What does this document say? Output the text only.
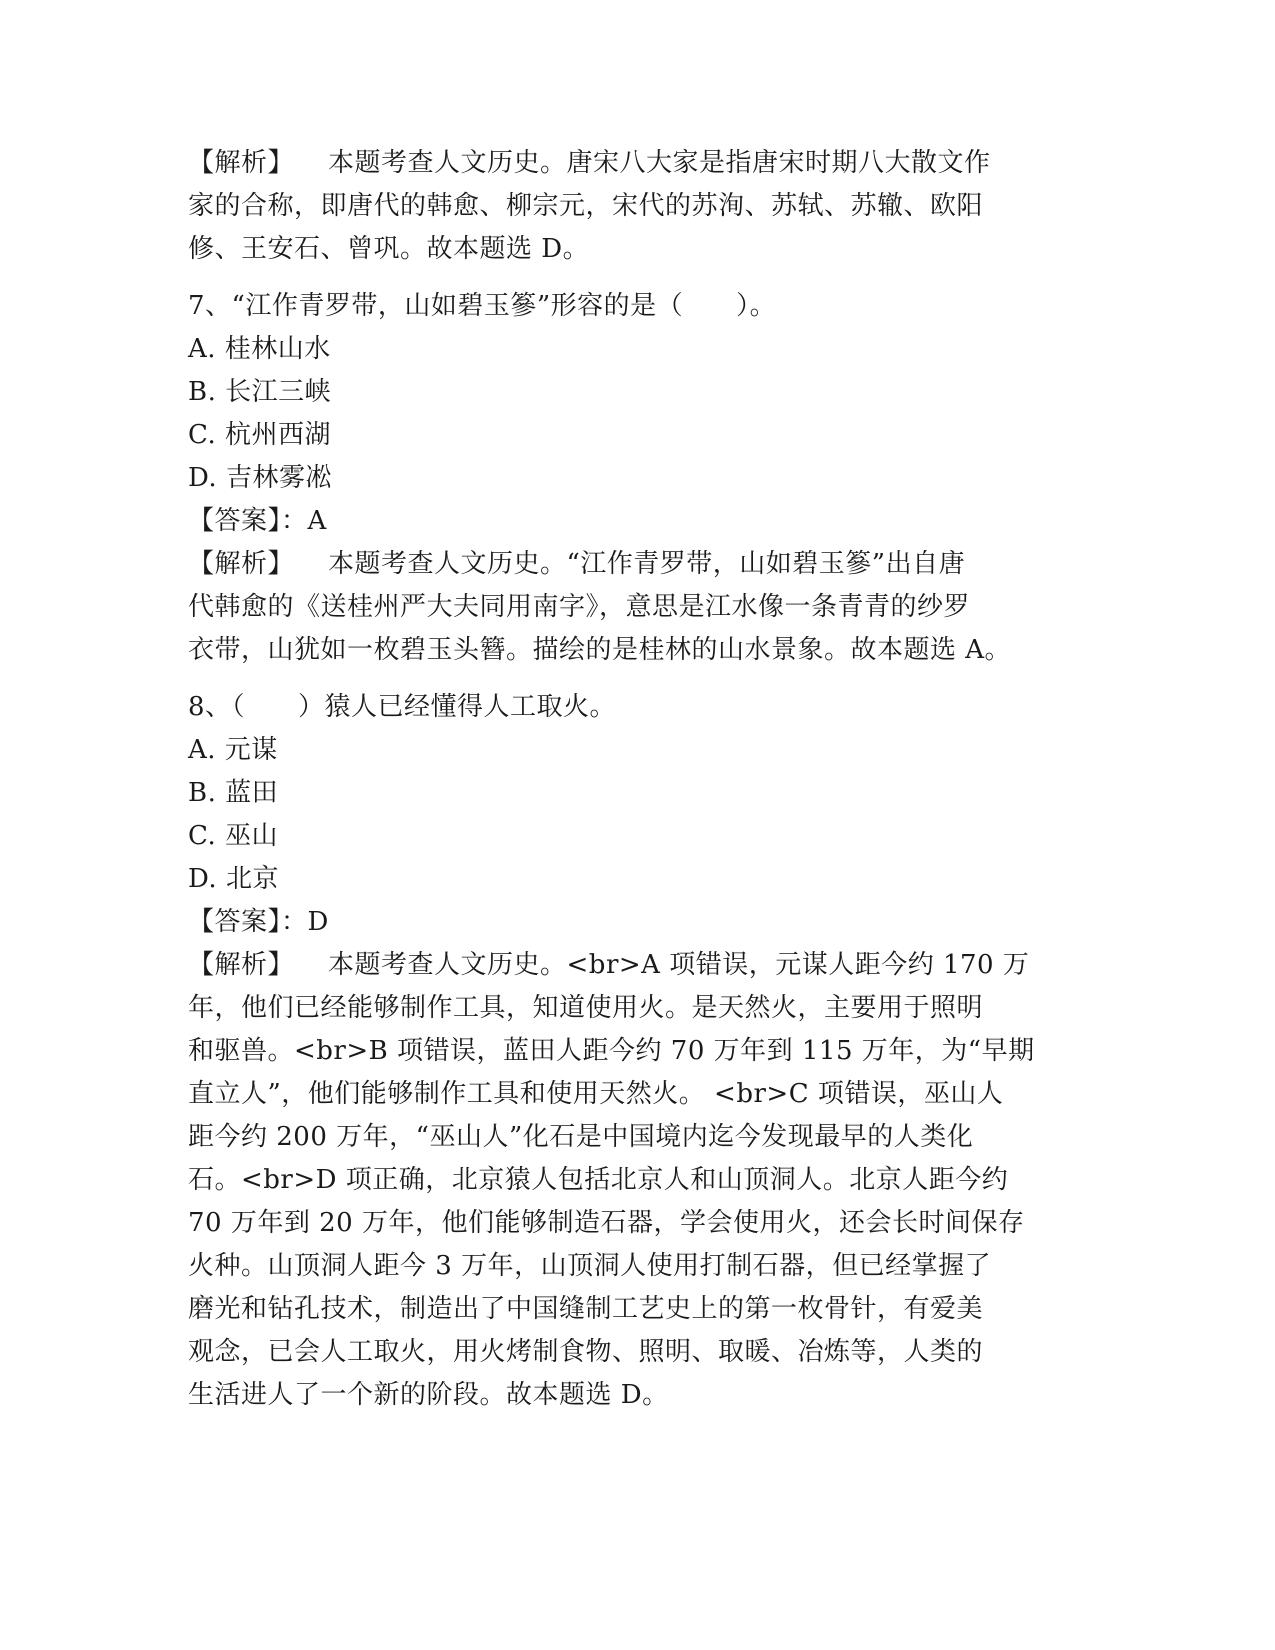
【解析】 本题考查人文历史。唐宋八大家是指唐宋时期八大散文作
家的合称，即唐代的韩愈、柳宗元，宋代的苏洵、苏轼、苏辙、欧阳
修、王安石、曾巩。故本题选 D。
7、“江作青罗带，山如碧玉篸”形容的是（　　）。
A. 桂林山水
B. 长江三峡
C. 杭州西湖
D. 吉林雾凇
【答案】：A
【解析】 本题考查人文历史。“江作青罗带，山如碧玉篸”出自唐
代韩愈的《送桂州严大夫同用南字》，意思是江水像一条青青的纱罗
衣带，山犹如一枚碧玉头簪。描绘的是桂林的山水景象。故本题选 A。
8、（　　）猿人已经懂得人工取火。
A. 元谋
B. 蓝田
C. 巫山
D. 北京
【答案】：D
【解析】 本题考查人文历史。<br>A 项错误，元谋人距今约 170 万
年，他们已经能够制作工具，知道使用火。是天然火，主要用于照明
和驱兽。<br>B 项错误，蓝田人距今约 70 万年到 115 万年，为“早期
直立人”，他们能够制作工具和使用天然火。 <br>C 项错误，巫山人
距今约 200 万年，“巫山人”化石是中国境内迄今发现最早的人类化
石。<br>D 项正确，北京猿人包括北京人和山顶洞人。北京人距今约
70 万年到 20 万年，他们能够制造石器，学会使用火，还会长时间保存
火种。山顶洞人距今 3 万年，山顶洞人使用打制石器，但已经掌握了
磨光和钻孔技术，制造出了中国缝制工艺史上的第一枚骨针，有爱美
观念，已会人工取火，用火烤制食物、照明、取暖、冶炼等，人类的
生活进人了一个新的阶段。故本题选 D。
